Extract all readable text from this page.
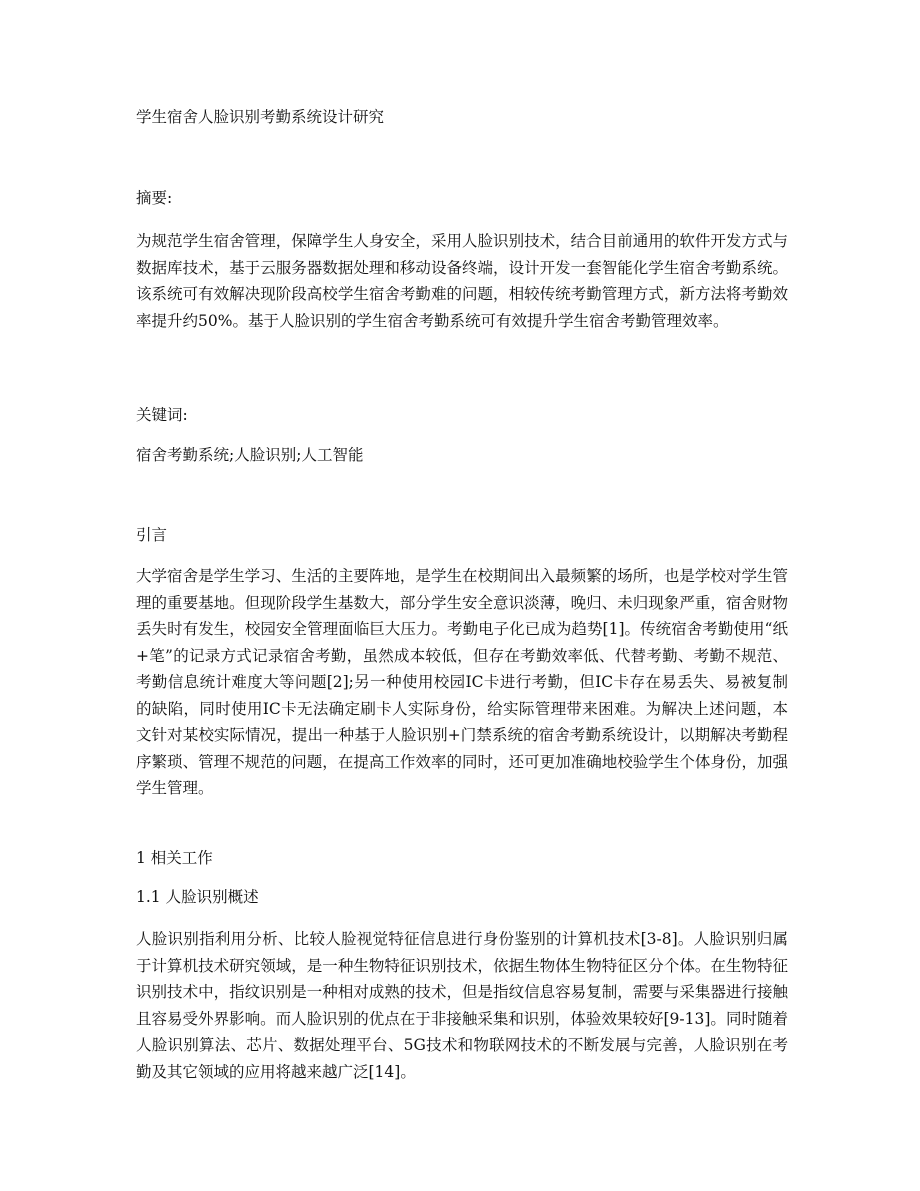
学生宿舍人脸识别考勤系统设计研究
摘要:

为规范学生宿舍管理，保障学生人身安全，采用人脸识别技术，结合目前通用的软件开发方式与数据库技术，基于云服务器数据处理和移动设备终端，设计开发一套智能化学生宿舍考勤系统。该系统可有效解决现阶段高校学生宿舍考勤难的问题，相较传统考勤管理方式，新方法将考勤效率提升约50%。基于人脸识别的学生宿舍考勤系统可有效提升学生宿舍考勤管理效率。

关键词:
宿舍考勤系统;人脸识别;人工智能
引言

大学宿舍是学生学习、生活的主要阵地，是学生在校期间出入最频繁的场所，也是学校对学生管理的重要基地。但现阶段学生基数大，部分学生安全意识淡薄，晚归、未归现象严重，宿舍财物丢失时有发生，校园安全管理面临巨大压力。考勤电子化已成为趋势[1]。传统宿舍考勤使用“纸+笔”的记录方式记录宿舍考勤，虽然成本较低，但存在考勤效率低、代替考勤、考勤不规范、考勤信息统计难度大等问题[2];另一种使用校园IC卡进行考勤，但IC卡存在易丢失、易被复制的缺陷，同时使用IC卡无法确定刷卡人实际身份，给实际管理带来困难。为解决上述问题，本文针对某校实际情况，提出一种基于人脸识别+门禁系统的宿舍考勤系统设计，以期解决考勤程序繁琐、管理不规范的问题，在提高工作效率的同时，还可更加准确地校验学生个体身份，加强学生管理。

1 相关工作
1.1 人脸识别概述

人脸识别指利用分析、比较人脸视觉特征信息进行身份鉴别的计算机技术[3-8]。人脸识别归属于计算机技术研究领域，是一种生物特征识别技术，依据生物体生物特征区分个体。在生物特征识别技术中，指纹识别是一种相对成熟的技术，但是指纹信息容易复制，需要与采集器进行接触且容易受外界影响。而人脸识别的优点在于非接触采集和识别，体验效果较好[9-13]。同时随着人脸识别算法、芯片、数据处理平台、5G技术和物联网技术的不断发展与完善，人脸识别在考勤及其它领域的应用将越来越广泛[14]。
